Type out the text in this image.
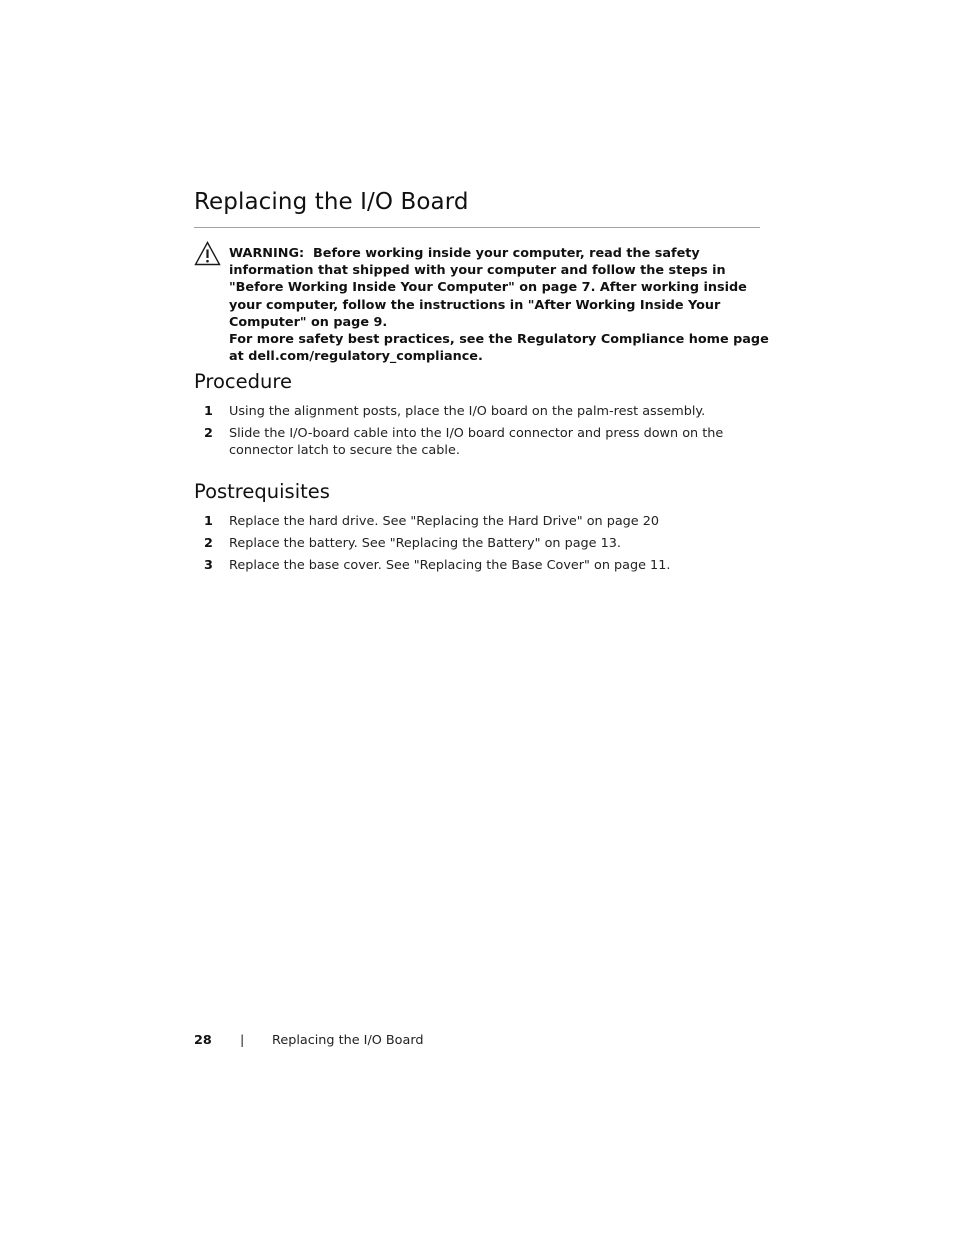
Replacing the I/O Board

WARNING: Before working inside your computer, read the safety information that shipped with your computer and follow the steps in "Before Working Inside Your Computer" on page 7. After working inside your computer, follow the instructions in "After Working Inside Your Computer" on page 9.

For more safety best practices, see the Regulatory Compliance home page at dell.com/regulatory_compliance.

Procedure
1 Using the alignment posts, place the I/O board on the palm-rest assembly.
2 Slide the I/O-board cable into the I/O board connector and press down on the connector latch to secure the cable.
Postrequisites
1 Replace the hard drive. See "Replacing the Hard Drive" on page 20
2 Replace the battery. See "Replacing the Battery" on page 13.
3 Replace the base cover. See "Replacing the Base Cover" on page 11.
28 | Replacing the I/O Board
